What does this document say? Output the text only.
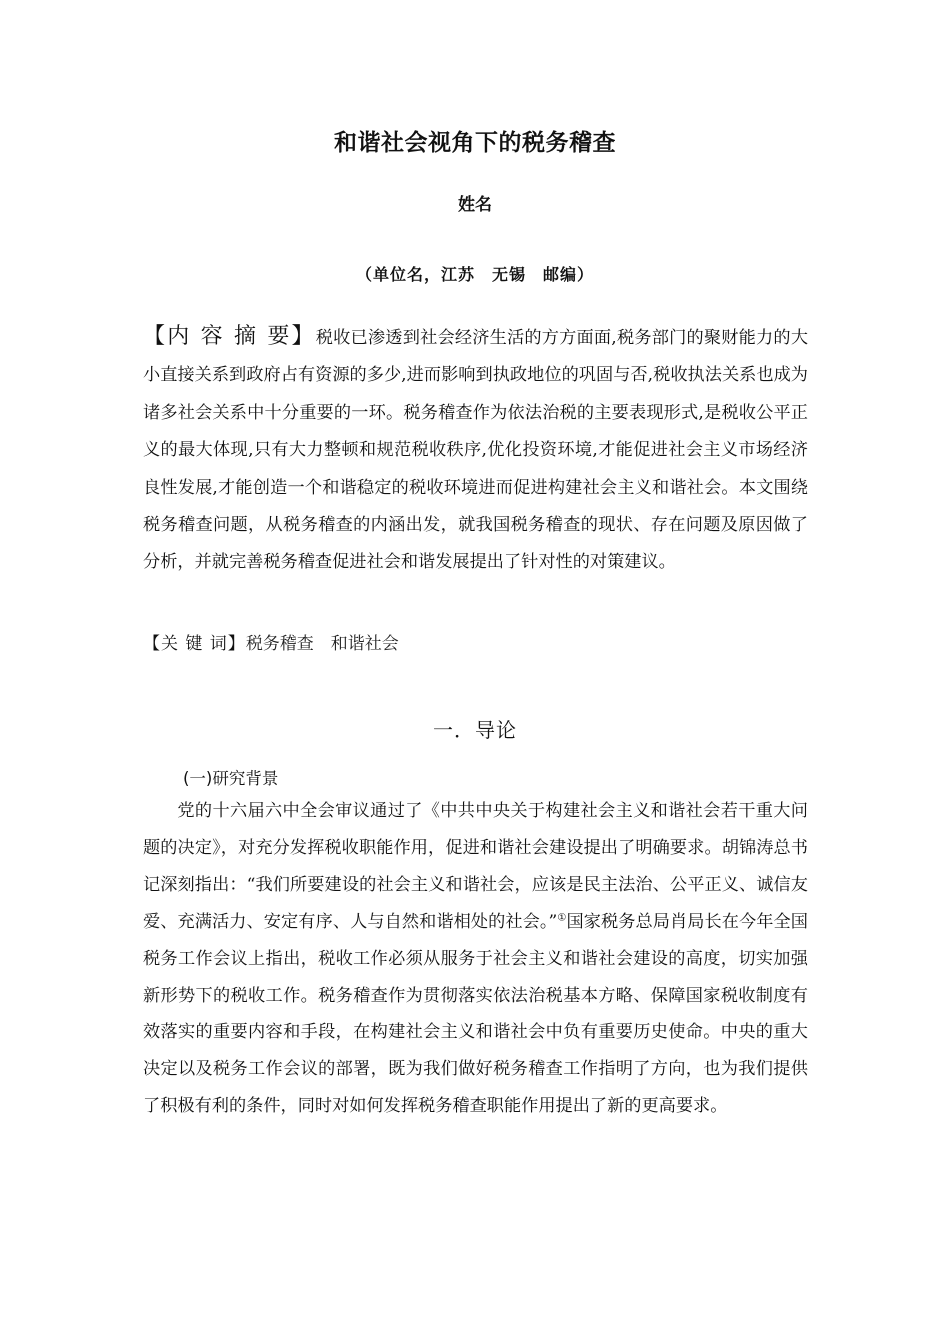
和谐社会视角下的税务稽查
姓名
（单位名，江苏　无锡　邮编）

【内 容 摘 要】税收已渗透到社会经济生活的方方面面,税务部门的聚财能力的大小直接关系到政府占有资源的多少,进而影响到执政地位的巩固与否,税收执法关系也成为诸多社会关系中十分重要的一环。税务稽查作为依法治税的主要表现形式,是税收公平正义的最大体现,只有大力整顿和规范税收秩序,优化投资环境,才能促进社会主义市场经济良性发展,才能创造一个和谐稳定的税收环境进而促进构建社会主义和谐社会。本文围绕税务稽查问题，从税务稽查的内涵出发，就我国税务稽查的现状、存在问题及原因做了分析，并就完善税务稽查促进社会和谐发展提出了针对性的对策建议。

【关 键 词】税务稽查　和谐社会

一．导论
(一)研究背景

党的十六届六中全会审议通过了《中共中央关于构建社会主义和谐社会若干重大问题的决定》，对充分发挥税收职能作用，促进和谐社会建设提出了明确要求。胡锦涛总书记深刻指出：“我们所要建设的社会主义和谐社会，应该是民主法治、公平正义、诚信友爱、充满活力、安定有序、人与自然和谐相处的社会。”①国家税务总局肖局长在今年全国税务工作会议上指出，税收工作必须从服务于社会主义和谐社会建设的高度，切实加强新形势下的税收工作。税务稽查作为贯彻落实依法治税基本方略、保障国家税收制度有效落实的重要内容和手段，在构建社会主义和谐社会中负有重要历史使命。中央的重大决定以及税务工作会议的部署，既为我们做好税务稽查工作指明了方向，也为我们提供了积极有利的条件，同时对如何发挥税务稽查职能作用提出了新的更高要求。
